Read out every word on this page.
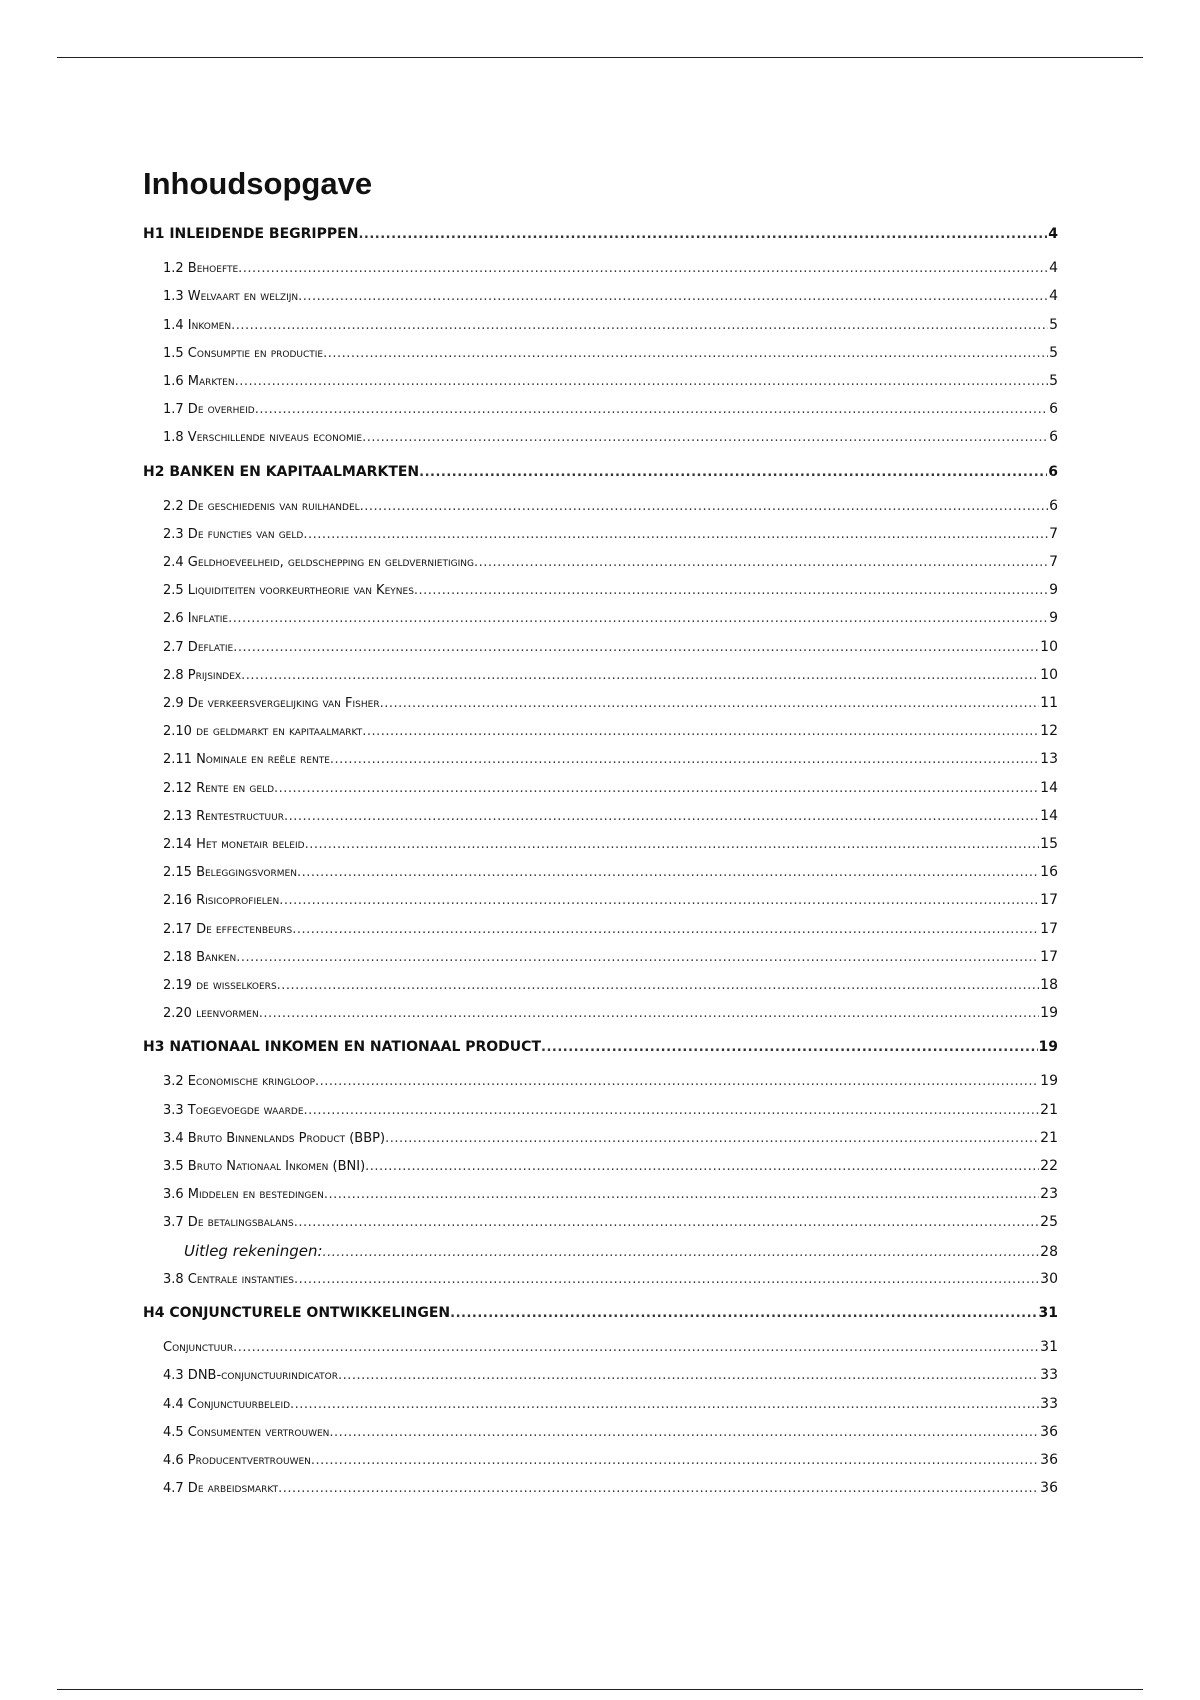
Inhoudsopgave
H1 INLEIDENDE BEGRIPPEN .....	4
1.2 Behoefte .....	4
1.3 Welvaart en welzijn .....	4
1.4 Inkomen .....	5
1.5 Consumptie en productie .....	5
1.6 Markten .....	5
1.7 De overheid .....	6
1.8 Verschillende niveaus economie .....	6
H2 BANKEN EN KAPITAALMARKTEN .....	6
2.2 De geschiedenis van ruilhandel .....	6
2.3 De functies van geld .....	7
2.4 Geldhoeveelheid, geldschepping en geldvernietiging .....	7
2.5 Liquiditeiten voorkeurtheorie van Keynes .....	9
2.6 Inflatie .....	9
2.7 Deflatie .....	10
2.8 Prijsindex .....	10
2.9 De verkeersvergelijking van Fisher .....	11
2.10 de geldmarkt en kapitaalmarkt .....	12
2.11 Nominale en reële rente .....	13
2.12 Rente en geld .....	14
2.13 Rentestructuur .....	14
2.14 Het monetair beleid .....	15
2.15 Beleggingsvormen .....	16
2.16 Risicoprofielen .....	17
2.17 De effectenbeurs .....	17
2.18 Banken .....	17
2.19 de wisselkoers .....	18
2.20 leenvormen .....	19
H3 NATIONAAL INKOMEN EN NATIONAAL PRODUCT .....	19
3.2 Economische kringloop .....	19
3.3 Toegevoegde waarde .....	21
3.4 Bruto Binnenlands Product (BBP) .....	21
3.5 Bruto Nationaal Inkomen (BNI) .....	22
3.6 Middelen en bestedingen .....	23
3.7 De betalingsbalans .....	25
Uitleg rekeningen: .....	28
3.8 Centrale instanties .....	30
H4 CONJUNCTURELE ONTWIKKELINGEN .....	31
Conjunctuur .....	31
4.3 DNB-conjunctuurindicator .....	33
4.4 Conjunctuurbeleid .....	33
4.5 Consumenten vertrouwen .....	36
4.6 Producentvertrouwen .....	36
4.7 De arbeidsmarkt .....	36
